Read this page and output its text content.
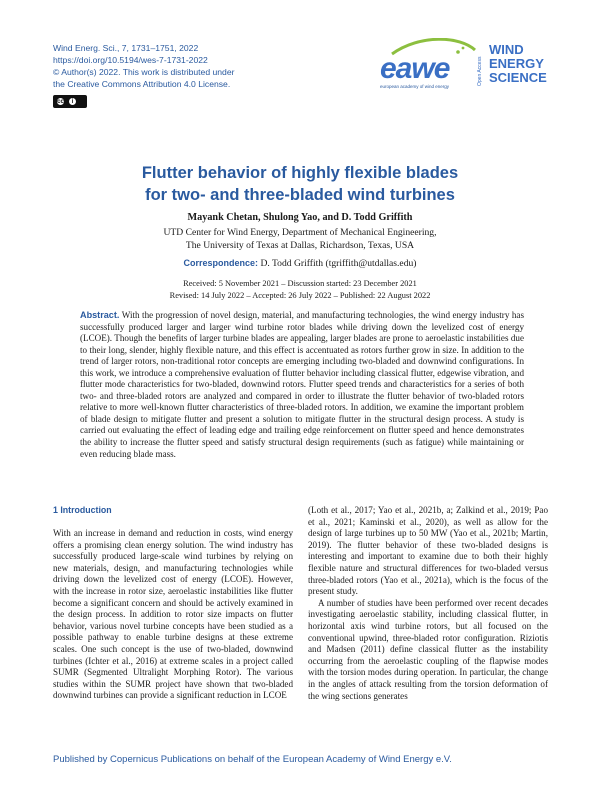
Wind Energ. Sci., 7, 1731–1751, 2022
https://doi.org/10.5194/wes-7-1731-2022
© Author(s) 2022. This work is distributed under
the Creative Commons Attribution 4.0 License.
cc	i
eawe
european academy of wind energy
Open Access
WIND
ENERGY
SCIENCE
Flutter behavior of highly flexible blades
for two- and three-bladed wind turbines
Mayank Chetan, Shulong Yao, and D. Todd Griffith
UTD Center for Wind Energy, Department of Mechanical Engineering,
The University of Texas at Dallas, Richardson, Texas, USA
Correspondence: D. Todd Griffith (tgriffith@utdallas.edu)
Received: 5 November 2021 – Discussion started: 23 December 2021
Revised: 14 July 2022 – Accepted: 26 July 2022 – Published: 22 August 2022
Abstract. With the progression of novel design, material, and manufacturing technologies, the wind energy industry has successfully produced larger and larger wind turbine rotor blades while driving down the levelized cost of energy (LCOE). Though the benefits of larger turbine blades are appealing, larger blades are prone to aeroelastic instabilities due to their long, slender, highly flexible nature, and this effect is accentuated as rotors further grow in size. In addition to the trend of larger rotors, non-traditional rotor concepts are emerging including two-bladed and downwind configurations. In this work, we introduce a comprehensive evaluation of flutter behavior including classical flutter, edgewise vibration, and flutter mode characteristics for two-bladed, downwind rotors. Flutter speed trends and characteristics for a series of both two- and three-bladed rotors are analyzed and compared in order to illustrate the flutter behavior of two-bladed rotors relative to more well-known flutter characteristics of three-bladed rotors. In addition, we examine the important problem of blade design to mitigate flutter and present a solution to mitigate flutter in the structural design process. A study is carried out evaluating the effect of leading edge and trailing edge reinforcement on flutter speed and hence demonstrates the ability to increase the flutter speed and satisfy structural design requirements (such as fatigue) while maintaining or even reducing blade mass.
1 Introduction

With an increase in demand and reduction in costs, wind energy offers a promising clean energy solution. The wind industry has successfully produced large-scale wind turbines by relying on new materials, design, and manufacturing technologies while driving down the levelized cost of energy (LCOE). However, with the increase in rotor size, aeroelastic instabilities like flutter become a significant concern and should be actively examined in the design process. In addition to rotor size impacts on flutter behavior, various novel turbine concepts have been studied as a possible pathway to enable turbine designs at these extreme scales. One such concept is the use of two-bladed, downwind turbines (Ichter et al., 2016) at extreme scales in a project called SUMR (Segmented Ultralight Morphing Rotor). The various studies within the SUMR project have shown that two-bladed downwind turbines can provide a significant reduction in LCOE

(Loth et al., 2017; Yao et al., 2021b, a; Zalkind et al., 2019; Pao et al., 2021; Kaminski et al., 2020), as well as allow for the design of large turbines up to 50 MW (Yao et al., 2021b; Martin, 2019). The flutter behavior of these two-bladed designs is interesting and important to examine due to both their highly flexible nature and structural differences for two-bladed versus three-bladed rotors (Yao et al., 2021a), which is the focus of the present study.

A number of studies have been performed over recent decades investigating aeroelastic stability, including classical flutter, in horizontal axis wind turbine rotors, but all focused on the conventional upwind, three-bladed rotor configuration. Riziotis and Madsen (2011) define classical flutter as the instability occurring from the aeroelastic coupling of the flapwise modes with the torsion modes during operation. In particular, the change in the angles of attack resulting from the torsion deformation of the wing sections generates

Published by Copernicus Publications on behalf of the European Academy of Wind Energy e.V.
